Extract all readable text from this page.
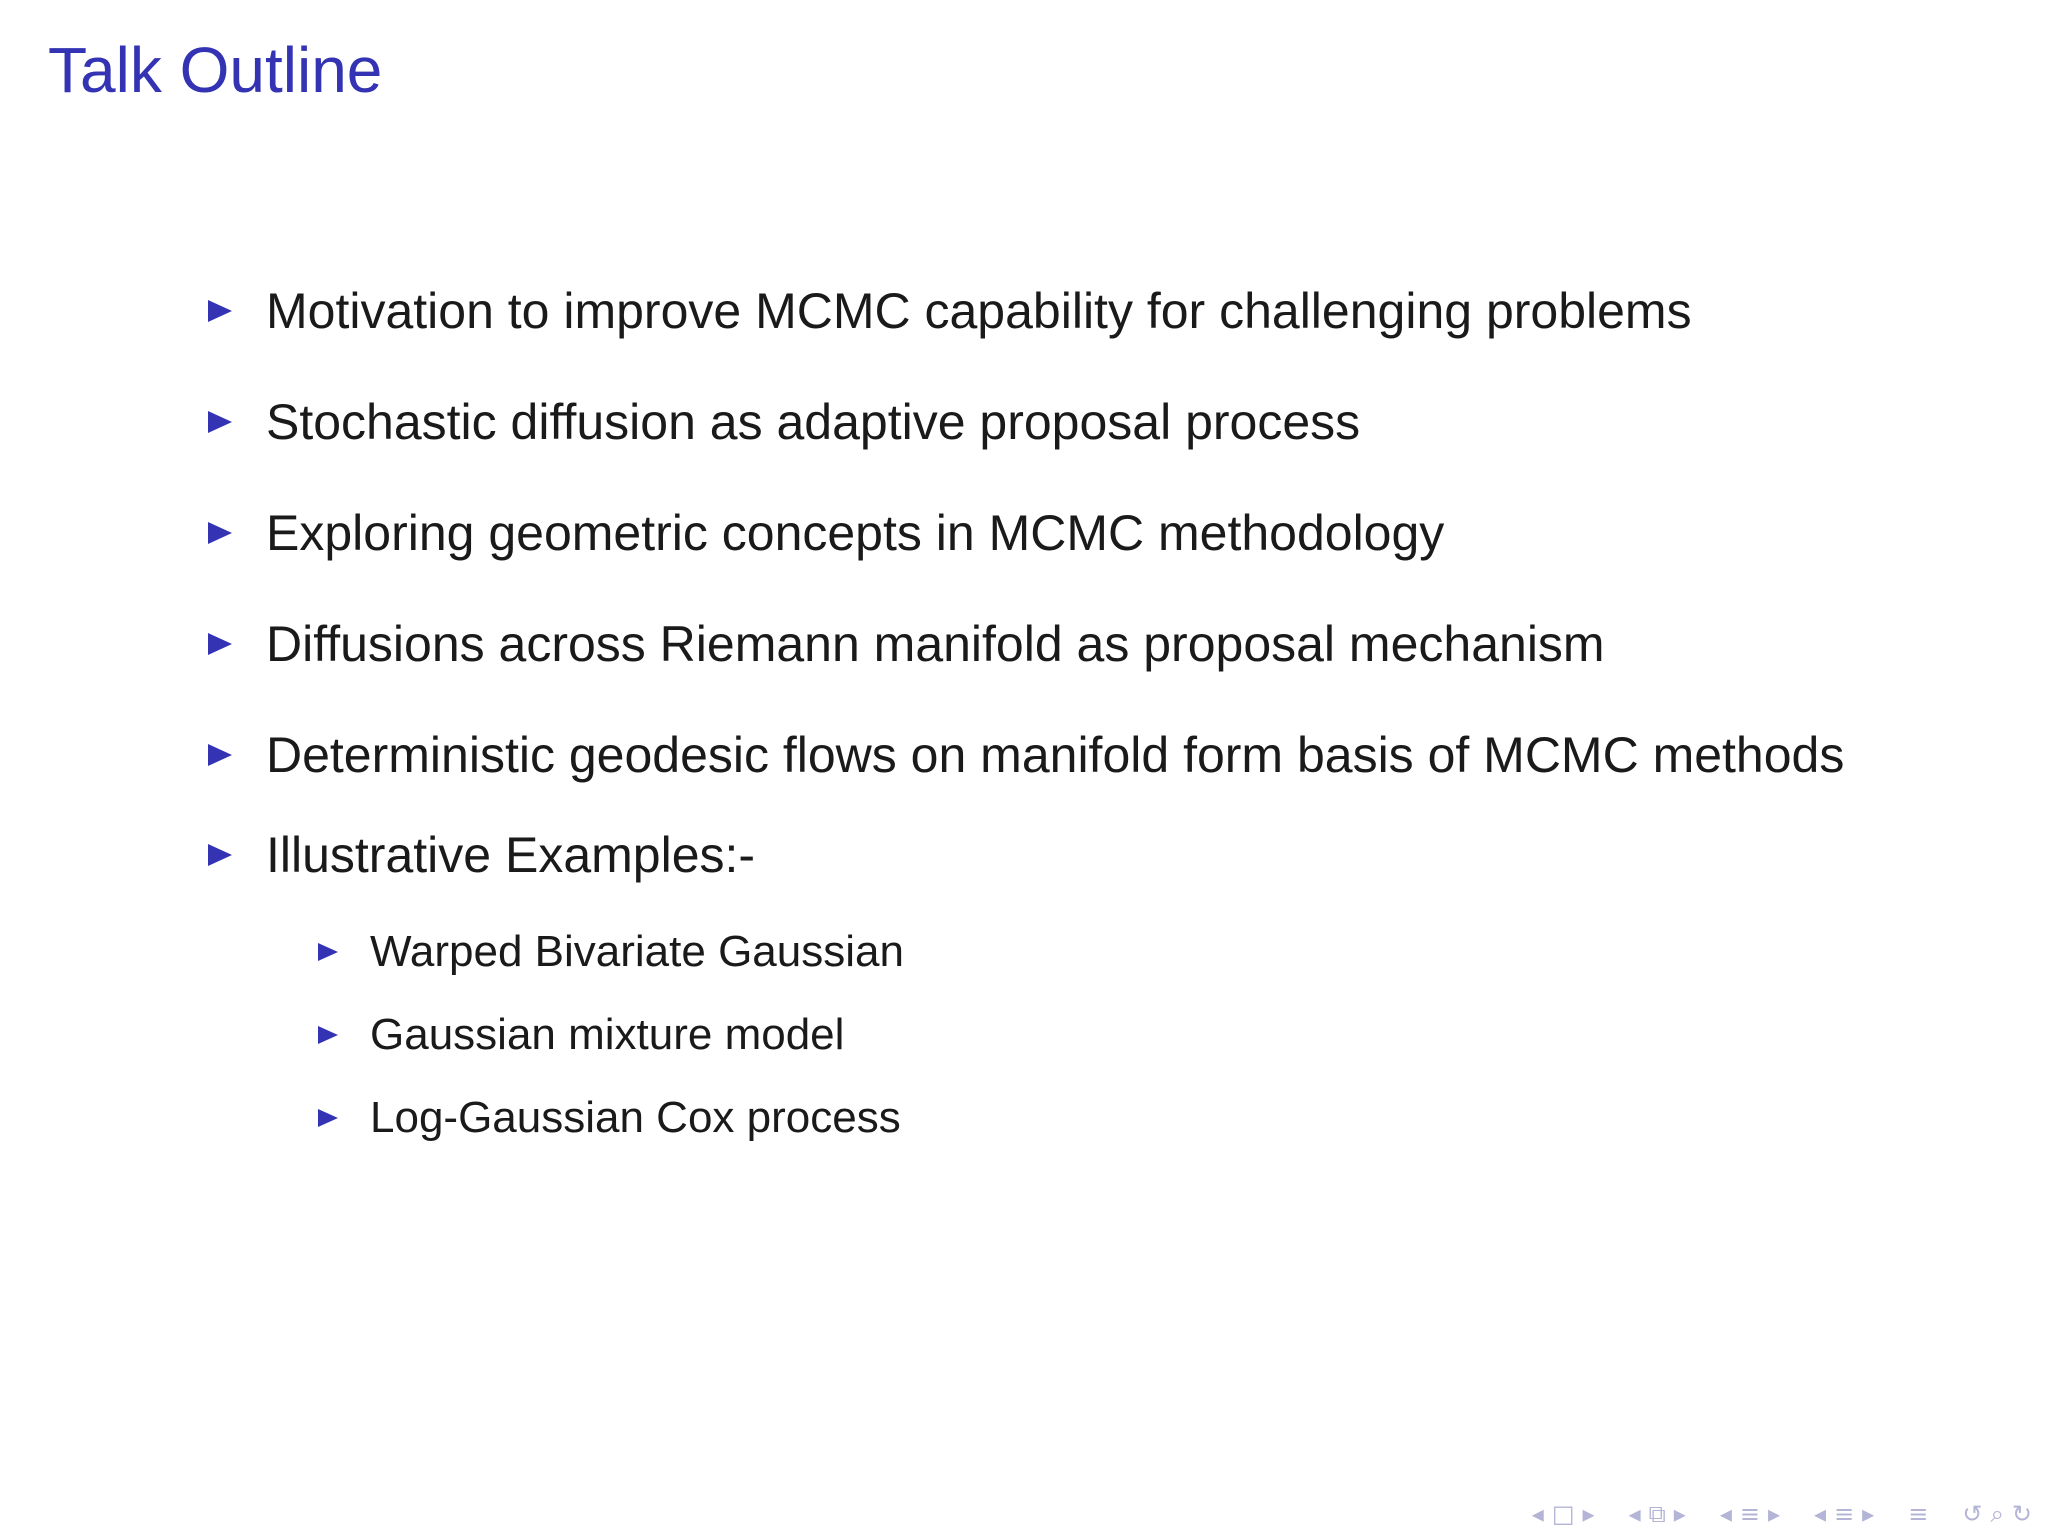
Talk Outline
Motivation to improve MCMC capability for challenging problems
Stochastic diffusion as adaptive proposal process
Exploring geometric concepts in MCMC methodology
Diffusions across Riemann manifold as proposal mechanism
Deterministic geodesic flows on manifold form basis of MCMC methods
Illustrative Examples:-
Warped Bivariate Gaussian
Gaussian mixture model
Log-Gaussian Cox process
◂ □ ▸ ◂ ⧉ ▸ ◂ ≡ ▸ ◂ ≡ ▸ ≡ ↺ ⌕ ↻
